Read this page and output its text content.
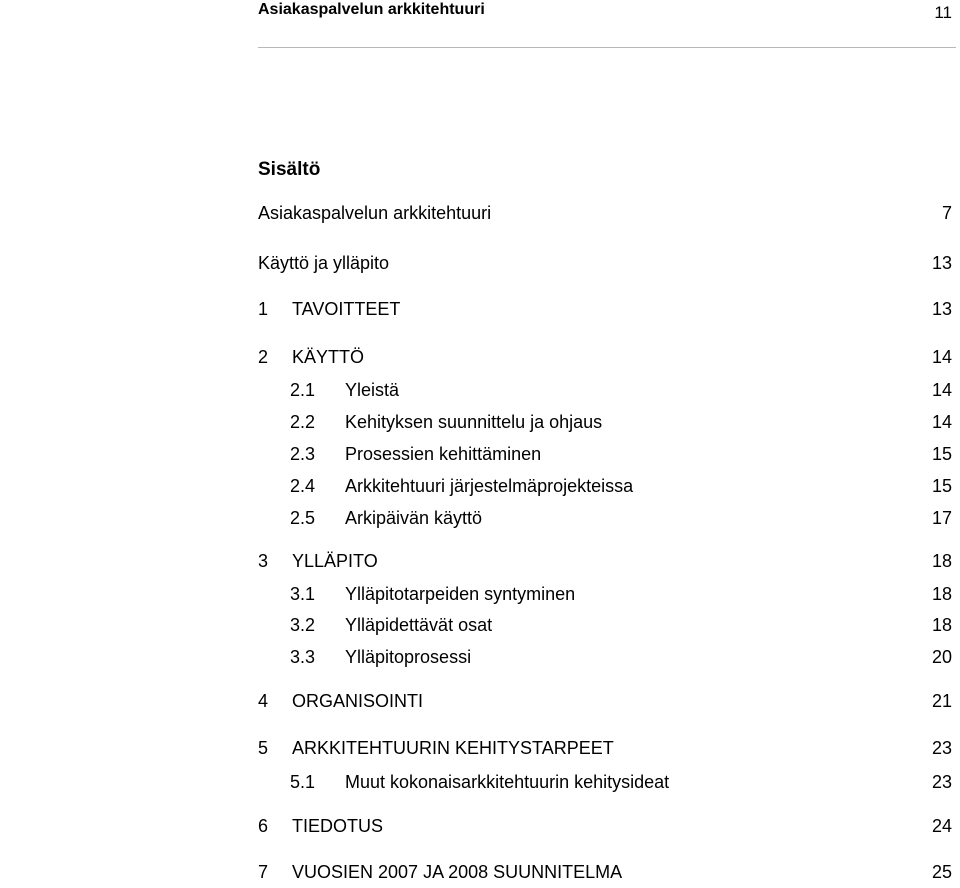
Asiakaspalvelun arkkitehtuuri	11
Sisältö
Asiakaspalvelun arkkitehtuuri	7
Käyttö ja ylläpito	13
1 TAVOITTEET	13
2 KÄYTTÖ	14
2.1 Yleistä	14
2.2 Kehityksen suunnittelu ja ohjaus	14
2.3 Prosessien kehittäminen	15
2.4 Arkkitehtuuri järjestelmäprojekteissa	15
2.5 Arkipäivän käyttö	17
3 YLLÄPITO	18
3.1 Ylläpitotarpeiden syntyminen	18
3.2 Ylläpidettävät osat	18
3.3 Ylläpitoprosessi	20
4 ORGANISOINTI	21
5 ARKKITEHTUURIN KEHITYSTARPEET	23
5.1 Muut kokonaisarkkitehtuurin kehitysideat	23
6 TIEDOTUS	24
7 VUOSIEN 2007 JA 2008 SUUNNITELMA	25
